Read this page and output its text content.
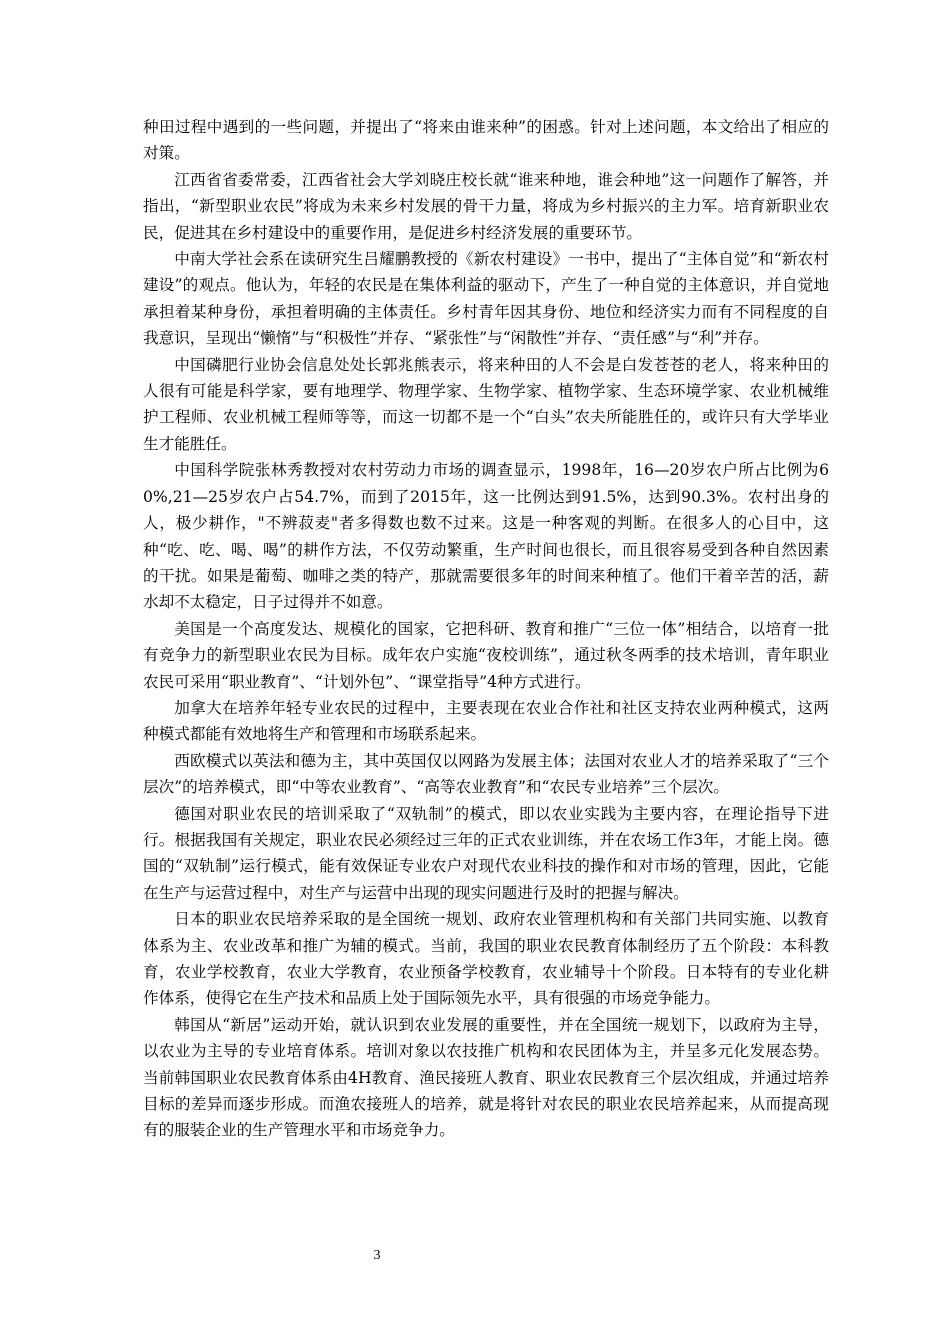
种田过程中遇到的一些问题，并提出了“将来由谁来种”的困惑。针对上述问题，本文给出了相应的对策。

江西省省委常委，江西省社会大学刘晓庄校长就“谁来种地，谁会种地”这一问题作了解答，并指出，“新型职业农民”将成为未来乡村发展的骨干力量，将成为乡村振兴的主力军。培育新职业农民，促进其在乡村建设中的重要作用，是促进乡村经济发展的重要环节。

中南大学社会系在读研究生吕耀鹏教授的《新农村建设》一书中，提出了“主体自觉”和“新农村建设”的观点。他认为，年轻的农民是在集体利益的驱动下，产生了一种自觉的主体意识，并自觉地承担着某种身份，承担着明确的主体责任。乡村青年因其身份、地位和经济实力而有不同程度的自我意识，呈现出“懒惰”与“积极性”并存、“紧张性”与“闲散性”并存、“责任感”与“利”并存。

中国磷肥行业协会信息处处长郭兆熊表示，将来种田的人不会是白发苍苍的老人，将来种田的人很有可能是科学家，要有地理学、物理学家、生物学家、植物学家、生态环境学家、农业机械维护工程师、农业机械工程师等等，而这一切都不是一个“白头”农夫所能胜任的，或许只有大学毕业生才能胜任。

中国科学院张林秀教授对农村劳动力市场的调查显示，1998年，16—20岁农户所占比例为60%,21—25岁农户占54.7%，而到了2015年，这一比例达到91.5%，达到90.3%。农村出身的人，极少耕作，"不辨菽麦"者多得数也数不过来。这是一种客观的判断。在很多人的心目中，这种“吃、吃、喝、喝”的耕作方法，不仅劳动繁重，生产时间也很长，而且很容易受到各种自然因素的干扰。如果是葡萄、咖啡之类的特产，那就需要很多年的时间来种植了。他们干着辛苦的活，薪水却不太稳定，日子过得并不如意。

美国是一个高度发达、规模化的国家，它把科研、教育和推广“三位一体”相结合，以培育一批有竞争力的新型职业农民为目标。成年农户实施“夜校训练”，通过秋冬两季的技术培训，青年职业农民可采用“职业教育”、“计划外包”、“课堂指导”4种方式进行。

加拿大在培养年轻专业农民的过程中，主要表现在农业合作社和社区支持农业两种模式，这两种模式都能有效地将生产和管理和市场联系起来。

西欧模式以英法和德为主，其中英国仅以网路为发展主体；法国对农业人才的培养采取了“三个层次”的培养模式，即“中等农业教育”、“高等农业教育”和“农民专业培养”三个层次。

德国对职业农民的培训采取了“双轨制”的模式，即以农业实践为主要内容，在理论指导下进行。根据我国有关规定，职业农民必须经过三年的正式农业训练，并在农场工作3年，才能上岗。德国的“双轨制”运行模式，能有效保证专业农户对现代农业科技的操作和对市场的管理，因此，它能在生产与运营过程中，对生产与运营中出现的现实问题进行及时的把握与解决。

日本的职业农民培养采取的是全国统一规划、政府农业管理机构和有关部门共同实施、以教育体系为主、农业改革和推广为辅的模式。当前，我国的职业农民教育体制经历了五个阶段：本科教育，农业学校教育，农业大学教育，农业预备学校教育，农业辅导十个阶段。日本特有的专业化耕作体系，使得它在生产技术和品质上处于国际领先水平，具有很强的市场竞争能力。

韩国从“新居”运动开始，就认识到农业发展的重要性，并在全国统一规划下，以政府为主导，以农业为主导的专业培育体系。培训对象以农技推广机构和农民团体为主，并呈多元化发展态势。当前韩国职业农民教育体系由4H教育、渔民接班人教育、职业农民教育三个层次组成，并通过培养目标的差异而逐步形成。而渔农接班人的培养，就是将针对农民的职业农民培养起来，从而提高现有的服装企业的生产管理水平和市场竞争力。

3
